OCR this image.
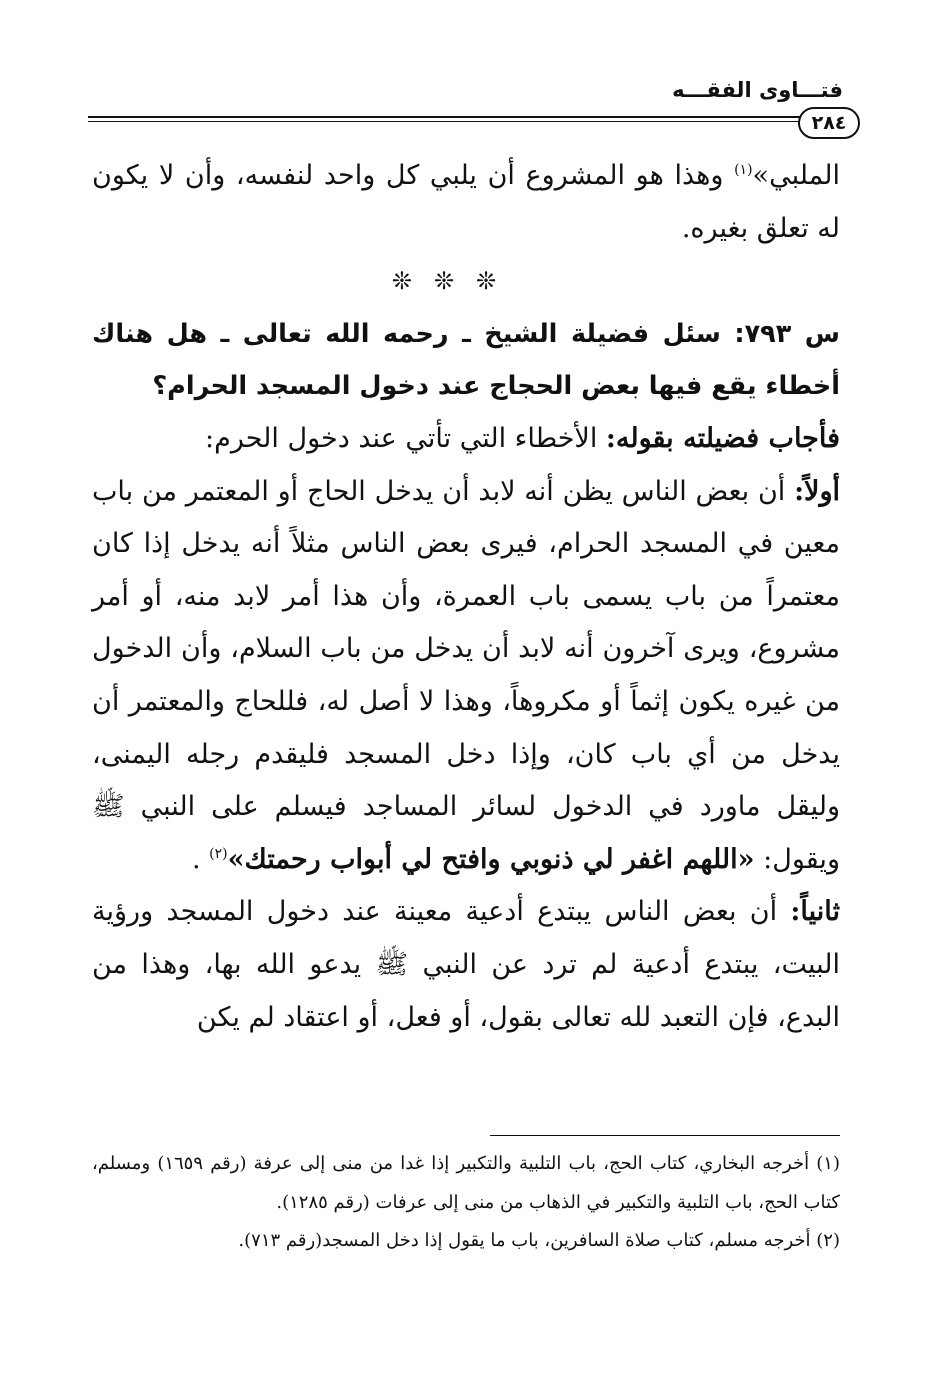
فتـــاوى الفقـــه
٢٨٤

الملبي»$^{(١)}$ وهذا هو المشروع أن يلبي كل واحد لنفسه، وأن لا يكون له تعلق بغيره.

❊❊❊

س ٧٩٣: سئل فضيلة الشيخ ـ رحمه الله تعالى ـ هل هناك أخطاء يقع فيها بعض الحجاج عند دخول المسجد الحرام؟

فأجاب فضيلته بقوله: الأخطاء التي تأتي عند دخول الحرم:

أولاً: أن بعض الناس يظن أنه لابد أن يدخل الحاج أو المعتمر من باب معين في المسجد الحرام، فيرى بعض الناس مثلاً أنه يدخل إذا كان معتمراً من باب يسمى باب العمرة، وأن هذا أمر لابد منه، أو أمر مشروع، ويرى آخرون أنه لابد أن يدخل من باب السلام، وأن الدخول من غيره يكون إثماً أو مكروهاً، وهذا لا أصل له، فللحاج والمعتمر أن يدخل من أي باب كان، وإذا دخل المسجد فليقدم رجله اليمنى، وليقل ماورد في الدخول لسائر المساجد فيسلم على النبي ﷺ ويقول: «اللهم اغفر لي ذنوبي وافتح لي أبواب رحمتك»$^{(٢)}$ .

ثانياً: أن بعض الناس يبتدع أدعية معينة عند دخول المسجد ورؤية البيت، يبتدع أدعية لم ترد عن النبي ﷺ يدعو الله بها، وهذا من البدع، فإن التعبد لله تعالى بقول، أو فعل، أو اعتقاد لم يكن

(١) أخرجه البخاري، كتاب الحج، باب التلبية والتكبير إذا غدا من منى إلى عرفة (رقم ١٦٥٩) ومسلم، كتاب الحج، باب التلبية والتكبير في الذهاب من منى إلى عرفات (رقم ١٢٨٥).

(٢) أخرجه مسلم، كتاب صلاة السافرين، باب ما يقول إذا دخل المسجد(رقم ٧١٣).
